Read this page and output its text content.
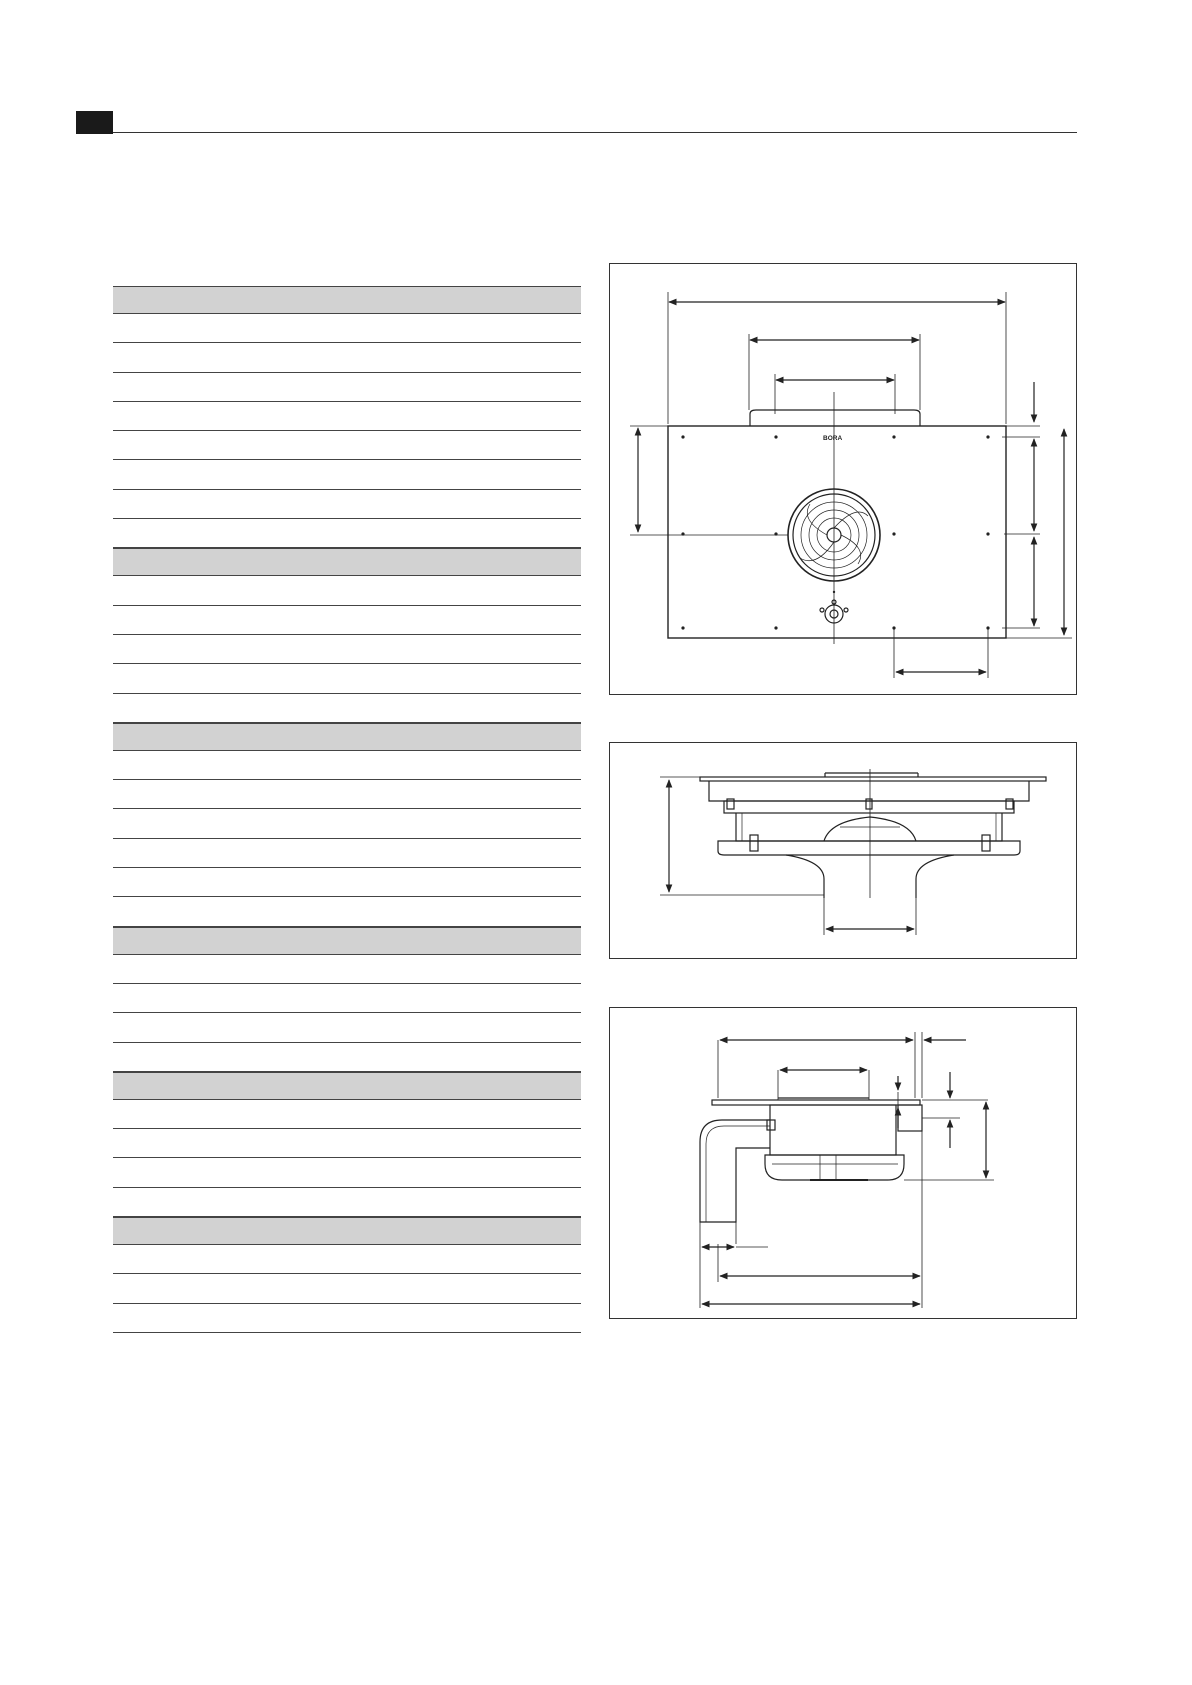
BORA
